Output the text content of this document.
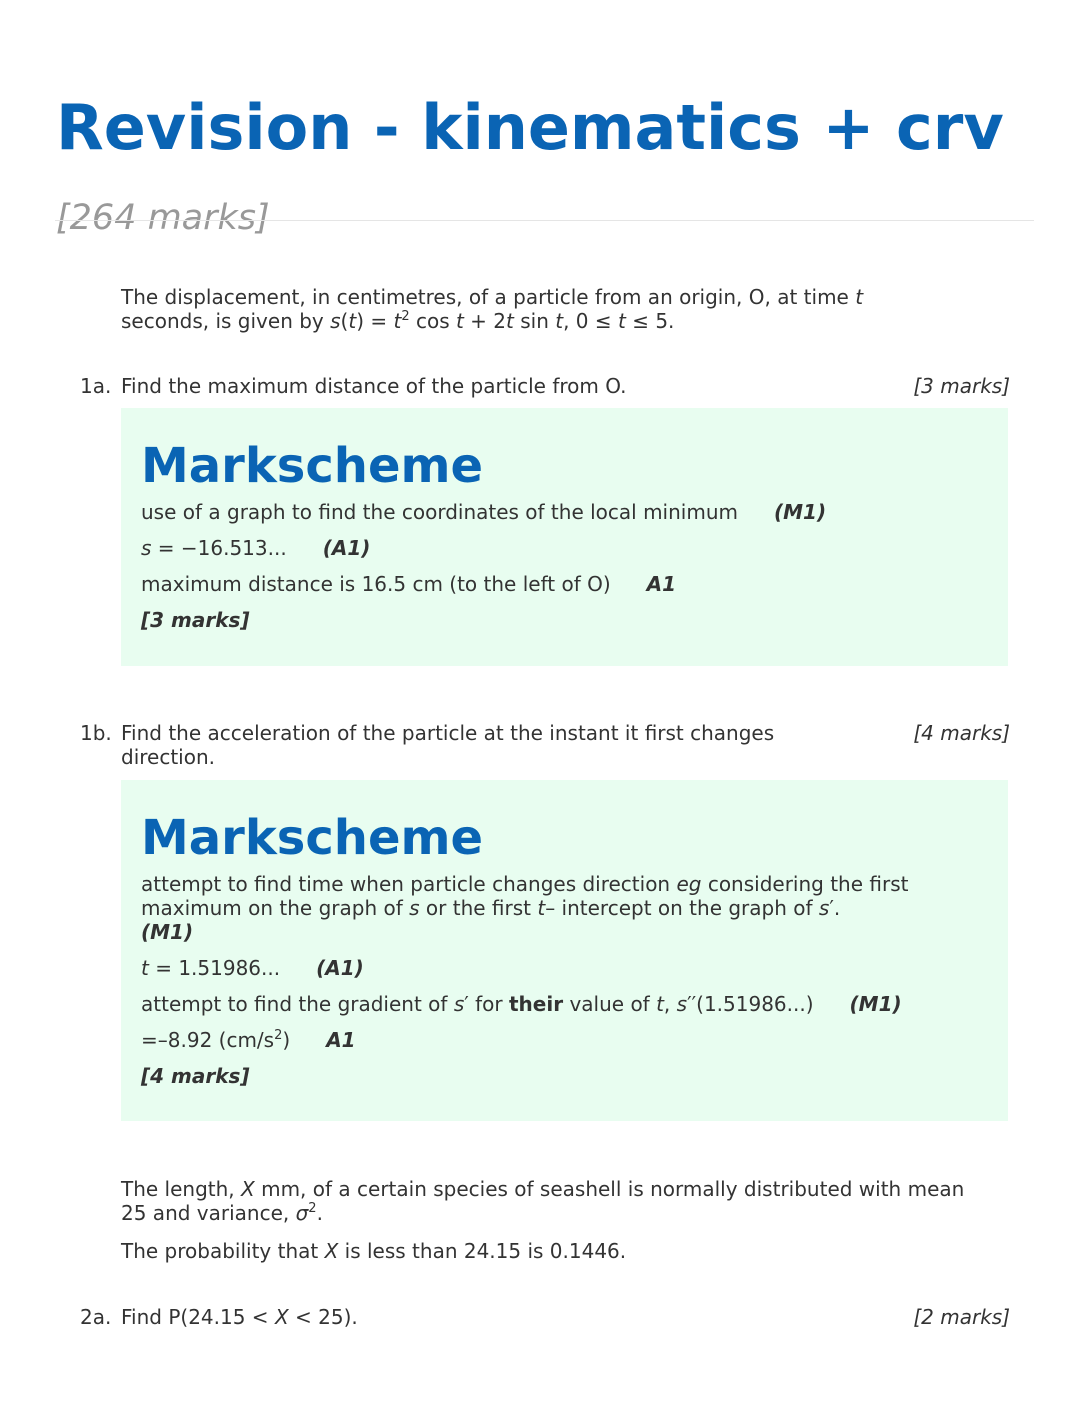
Revision - kinematics + crv [264 marks]

The displacement, in centimetres, of a particle from an origin, O, at time t
seconds, is given by $s(t) = t^2$ cos t + 2t sin t, 0 ≤ t ≤ 5.

1a. Find the maximum distance of the particle from O.	[3 marks]
Markscheme

use of a graph to find the coordinates of the local minimum (M1)

s = −16.513... (A1)

maximum distance is 16.5 cm (to the left of O) A1

[3 marks]

1b. Find the acceleration of the particle at the instant it first changes direction.
[4 marks]
Markscheme

attempt to find time when particle changes direction eg considering the first maximum on the graph of s or the first t– intercept on the graph of s′.
(M1)

t = 1.51986... (A1)

attempt to find the gradient of s′ for their value of t, s′′(1.51986...) (M1)

=–8.92 $(cm/s^2)$ A1

[4 marks]

The length, X mm, of a certain species of seashell is normally distributed with mean 25 and variance, $\sigma^2$.

The probability that X is less than 24.15 is 0.1446.

2a. Find P(24.15 < X < 25).	[2 marks]
